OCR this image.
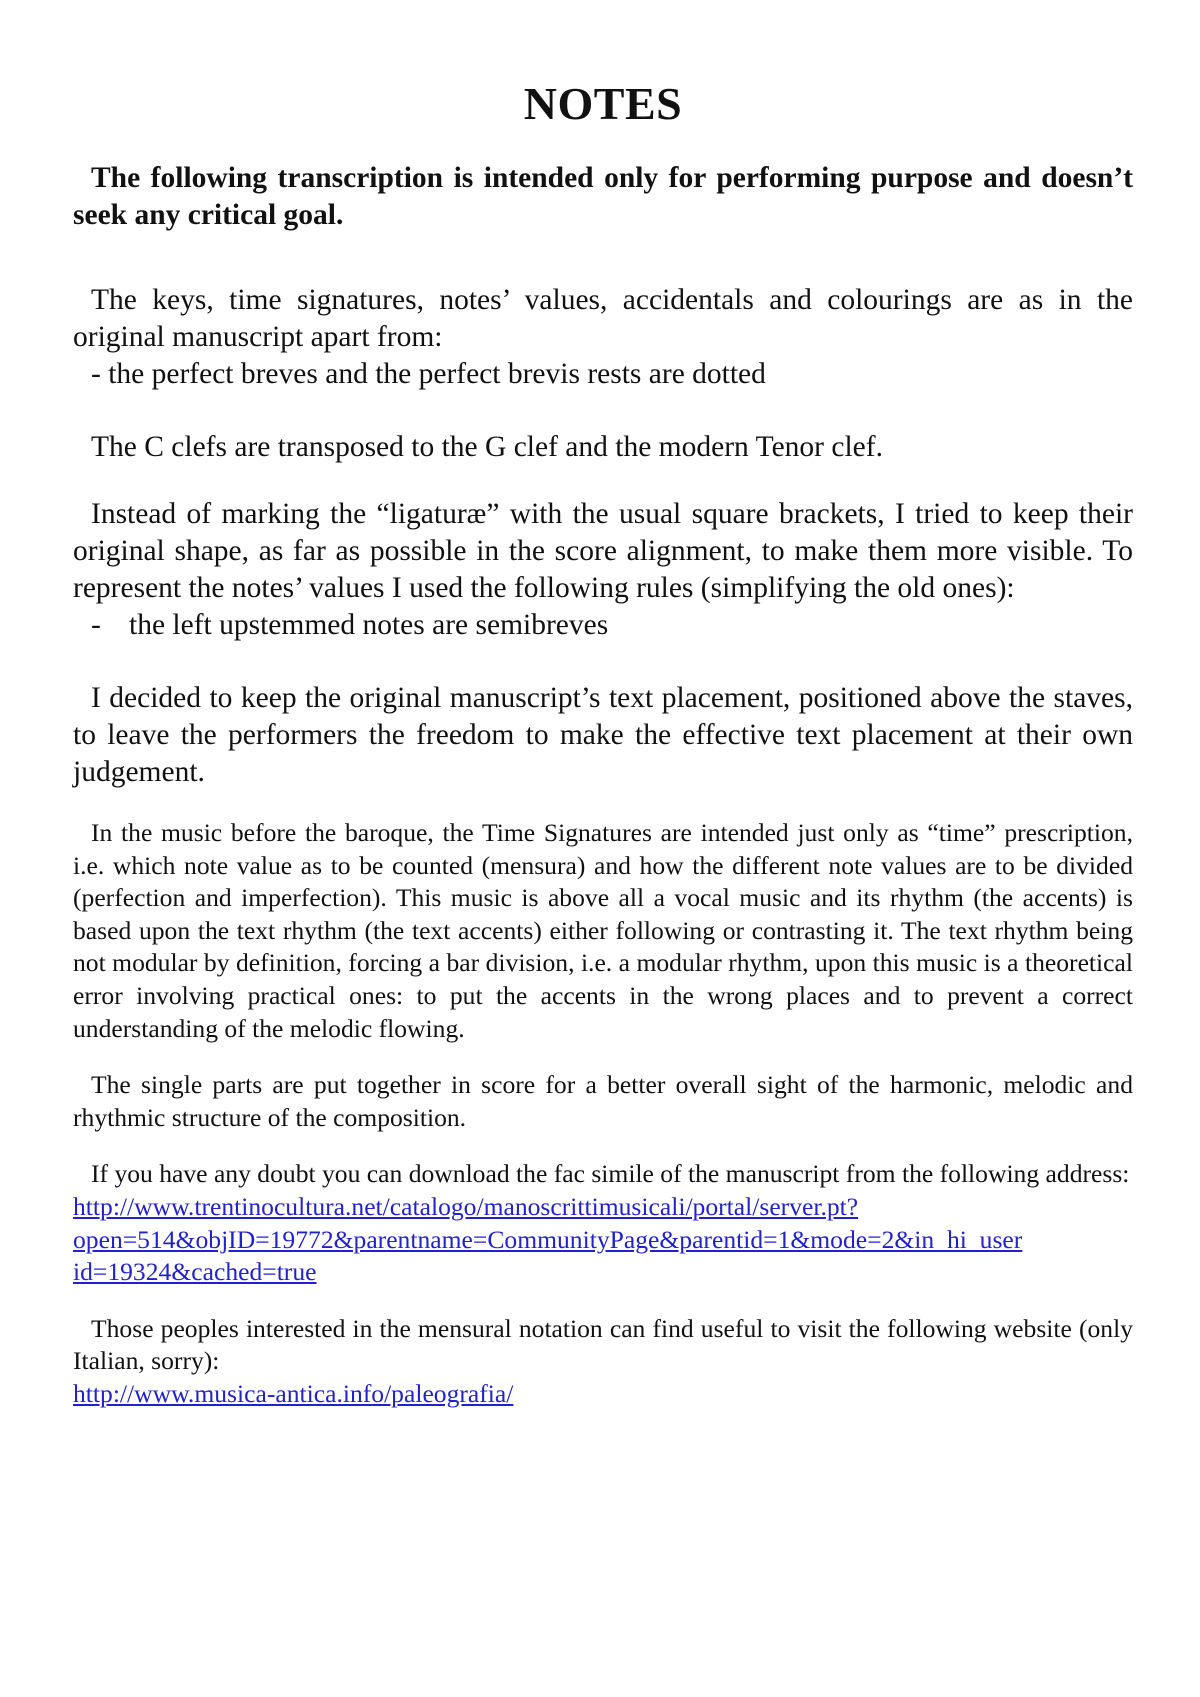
NOTES

The following transcription is intended only for performing purpose and doesn’t seek any critical goal.

The keys, time signatures, notes’ values, accidentals and colourings are as in the original manuscript apart from:
- the perfect breves and the perfect brevis rests are dotted

The C clefs are transposed to the G clef and the modern Tenor clef.

Instead of marking the “ligaturæ” with the usual square brackets, I tried to keep their original shape, as far as possible in the score alignment, to make them more visible. To represent the notes’ values I used the following rules (simplifying the old ones):
- the left upstemmed notes are semibreves

I decided to keep the original manuscript’s text placement, positioned above the staves, to leave the performers the freedom to make the effective text placement at their own judgement.

In the music before the baroque, the Time Signatures are intended just only as “time” prescription, i.e. which note value as to be counted (mensura) and how the different note values are to be divided (perfection and imperfection). This music is above all a vocal music and its rhythm (the accents) is based upon the text rhythm (the text accents) either following or contrasting it. The text rhythm being not modular by definition, forcing a bar division, i.e. a modular rhythm, upon this music is a theoretical error involving practical ones: to put the accents in the wrong places and to prevent a correct understanding of the melodic flowing.

The single parts are put together in score for a better overall sight of the harmonic, melodic and rhythmic structure of the composition.

If you have any doubt you can download the fac simile of the manuscript from the following address:
http://www.trentinocultura.net/catalogo/manoscrittimusicali/portal/server.pt?
open=514&objID=19772&parentname=CommunityPage&parentid=1&mode=2&in_hi_user
id=19324&cached=true

Those peoples interested in the mensural notation can find useful to visit the following website (only Italian, sorry):
http://www.musica-antica.info/paleografia/
